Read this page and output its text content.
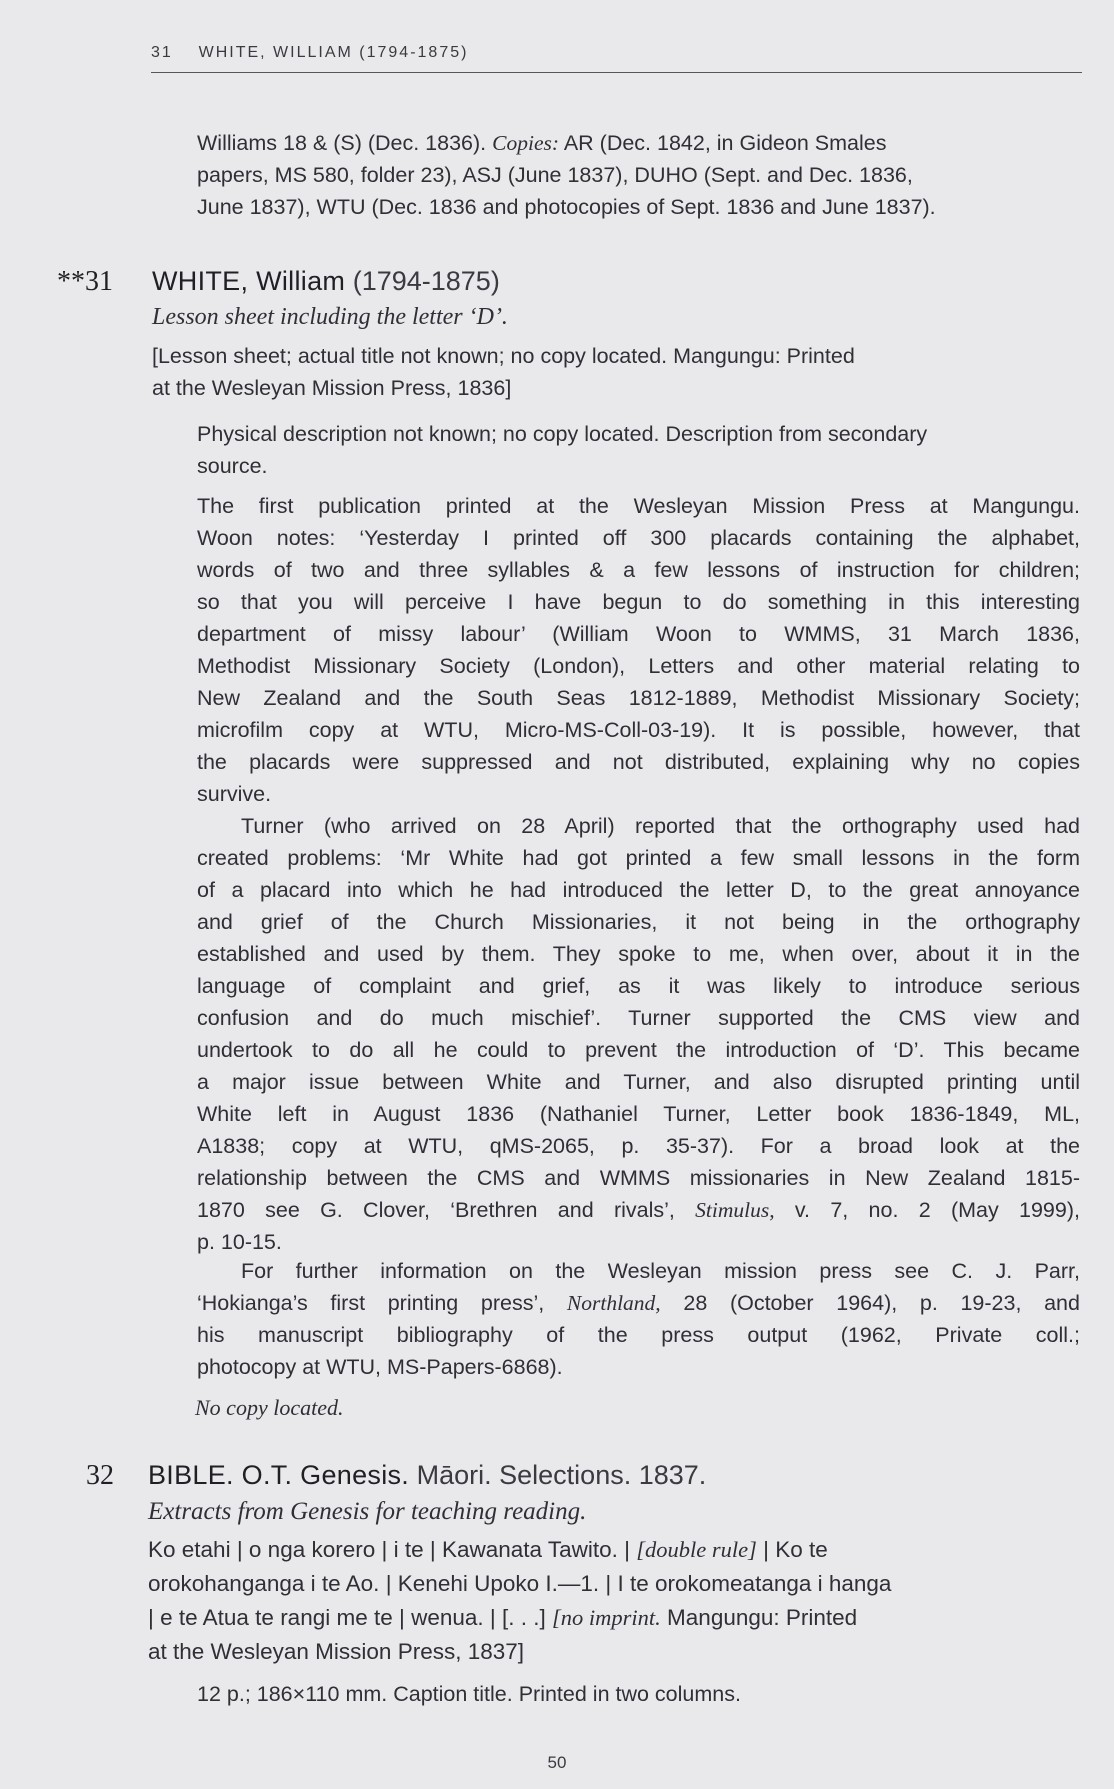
31 WHITE, WILLIAM (1794-1875)
Williams 18 & (S) (Dec. 1836). Copies: AR (Dec. 1842, in Gideon Smales
papers, MS 580, folder 23), ASJ (June 1837), DUHO (Sept. and Dec. 1836,
June 1837), WTU (Dec. 1836 and photocopies of Sept. 1836 and June 1837).
**31 WHITE, William (1794-1875)
Lesson sheet including the letter ‘D’.
[Lesson sheet; actual title not known; no copy located. Mangungu: Printed
at the Wesleyan Mission Press, 1836]
Physical description not known; no copy located. Description from secondary
source.
The first publication printed at the Wesleyan Mission Press at Mangungu.
Woon notes: ‘Yesterday I printed off 300 placards containing the alphabet,
words of two and three syllables & a few lessons of instruction for children;
so that you will perceive I have begun to do something in this interesting
department of missy labour’ (William Woon to WMMS, 31 March 1836,
Methodist Missionary Society (London), Letters and other material relating to
New Zealand and the South Seas 1812-1889, Methodist Missionary Society;
microfilm copy at WTU, Micro-MS-Coll-03-19). It is possible, however, that
the placards were suppressed and not distributed, explaining why no copies
survive.
Turner (who arrived on 28 April) reported that the orthography used had
created problems: ‘Mr White had got printed a few small lessons in the form
of a placard into which he had introduced the letter D, to the great annoyance
and grief of the Church Missionaries, it not being in the orthography
established and used by them. They spoke to me, when over, about it in the
language of complaint and grief, as it was likely to introduce serious
confusion and do much mischief’. Turner supported the CMS view and
undertook to do all he could to prevent the introduction of ‘D’. This became
a major issue between White and Turner, and also disrupted printing until
White left in August 1836 (Nathaniel Turner, Letter book 1836-1849, ML,
A1838; copy at WTU, qMS-2065, p. 35-37). For a broad look at the
relationship between the CMS and WMMS missionaries in New Zealand 1815-
1870 see G. Clover, ‘Brethren and rivals’, Stimulus, v. 7, no. 2 (May 1999),
p. 10-15.
For further information on the Wesleyan mission press see C. J. Parr,
‘Hokianga’s first printing press’, Northland, 28 (October 1964), p. 19-23, and
his manuscript bibliography of the press output (1962, Private coll.;
photocopy at WTU, MS-Papers-6868).
No copy located.
32 BIBLE. O.T. Genesis. Māori. Selections. 1837.
Extracts from Genesis for teaching reading.
Ko etahi | o nga korero | i te | Kawanata Tawito. | [double rule] | Ko te
orokohanganga i te Ao. | Kenehi Upoko I.—1. | I te orokomeatanga i hanga
| e te Atua te rangi me te | wenua. | [. . .] [no imprint. Mangungu: Printed
at the Wesleyan Mission Press, 1837]
12 p.; 186×110 mm. Caption title. Printed in two columns.
50
